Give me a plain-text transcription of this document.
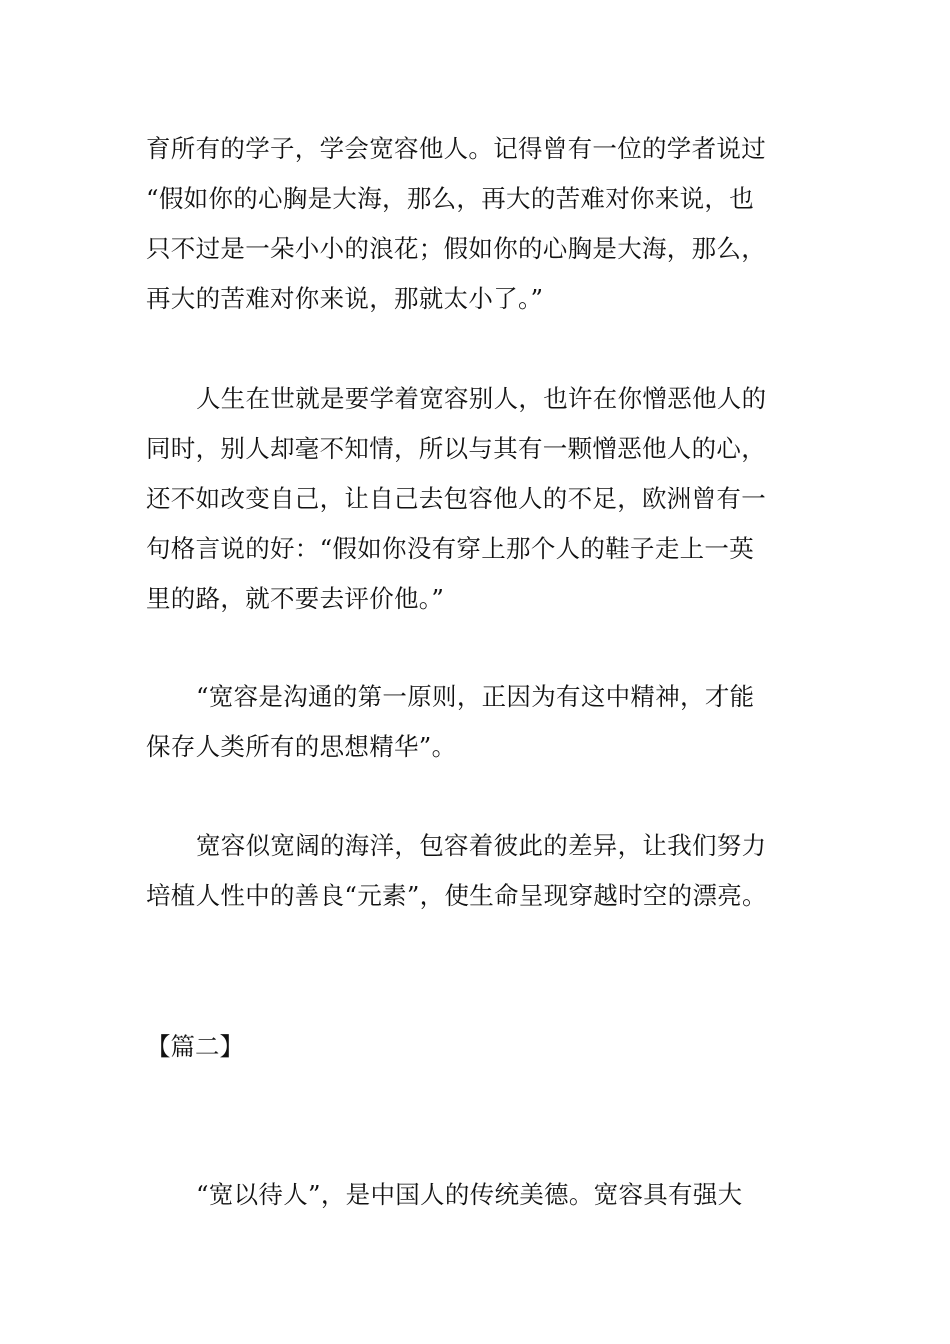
育所有的学子，学会宽容他人。记得曾有一位的学者说过
“假如你的心胸是大海，那么，再大的苦难对你来说，也
只不过是一朵小小的浪花；假如你的心胸是大海，那么，
再大的苦难对你来说，那就太小了。”
人生在世就是要学着宽容别人，也许在你憎恶他人的
同时，别人却毫不知情，所以与其有一颗憎恶他人的心，
还不如改变自己，让自己去包容他人的不足，欧洲曾有一
句格言说的好：“假如你没有穿上那个人的鞋子走上一英
里的路，就不要去评价他。”
“宽容是沟通的第一原则，正因为有这中精神，才能
保存人类所有的思想精华”。
宽容似宽阔的海洋，包容着彼此的差异，让我们努力
培植人性中的善良“元素”，使生命呈现穿越时空的漂亮。
【篇二】
“宽以待人”，是中国人的传统美德。宽容具有强大
